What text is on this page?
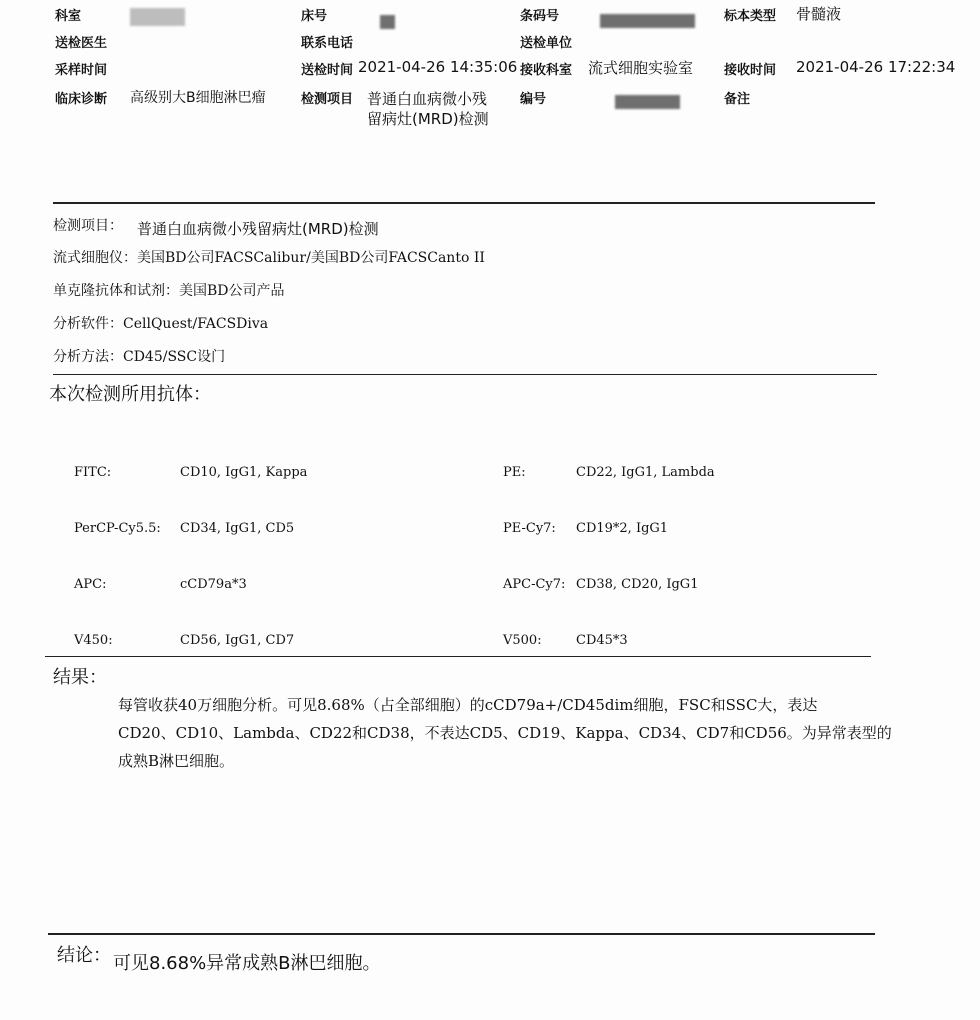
科室	床号	条码号	标本类型 骨髓液
送检医生	联系电话	送检单位
采样时间	送检时间 2021-04-26 14:35:06 接收科室 流式细胞实验室 接收时间 2021-04-26 17:22:34
临床诊断 高级别大B细胞淋巴瘤	检测项目 普通白血病微小残
留病灶(MRD)检测
编号	备注
检测项目： 普通白血病微小残留病灶(MRD)检测
流式细胞仪：美国BD公司FACSCalibur/美国BD公司FACSCanto II
单克隆抗体和试剂：美国BD公司产品
分析软件：CellQuest/FACSDiva
分析方法：CD45/SSC设门
本次检测所用抗体：
FITC:	CD10, IgG1, Kappa	PE:	CD22, IgG1, Lambda
PerCP-Cy5.5: CD34, IgG1, CD5	PE-Cy7: CD19*2, IgG1
APC:	cCD79a*3	APC-Cy7: CD38, CD20, IgG1
V450:	CD56, IgG1, CD7	V500:	CD45*3
结果：
每管收获40万细胞分析。可见8.68%（占全部细胞）的cCD79a+/CD45dim细胞，FSC和SSC大，表达
CD20、CD10、Lambda、CD22和CD38，不表达CD5、CD19、Kappa、CD34、CD7和CD56。为异常表型的
成熟B淋巴细胞。
结论： 可见8.68%异常成熟B淋巴细胞。
